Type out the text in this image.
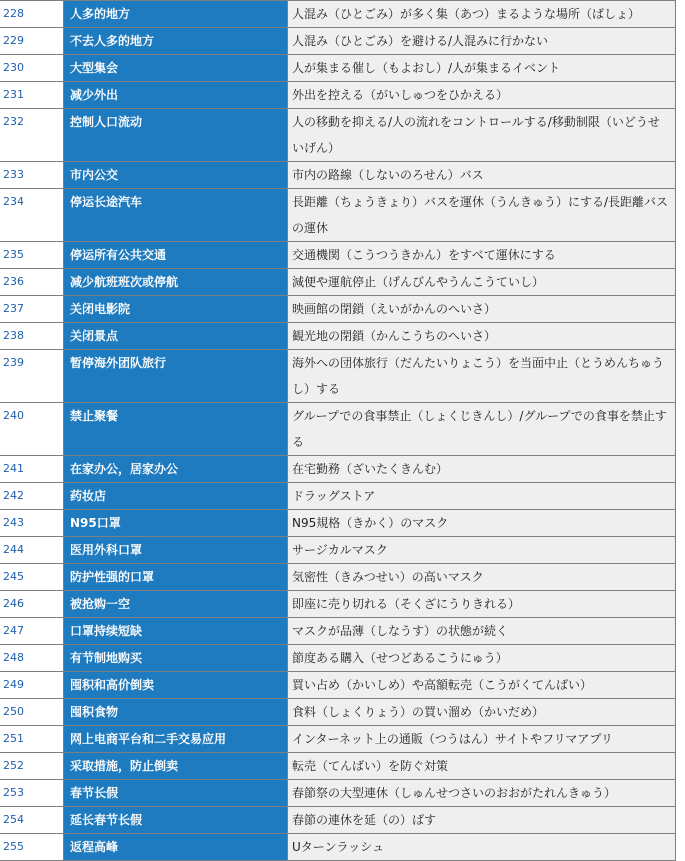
228	人多的地方	人混み（ひとごみ）が多く集（あつ）まるような場所（ばしょ）
229	不去人多的地方	人混み（ひとごみ）を避ける/人混みに行かない
230	大型集会	人が集まる催し（もよおし）/人が集まるイベント
231	减少外出	外出を控える（がいしゅつをひかえる）
232	控制人口流动	人の移動を抑える/人の流れをコントロールする/移動制限（いどうせいげん）
233	市内公交	市内の路線（しないのろせん）バス
234	停运长途汽车	長距離（ちょうきょり）バスを運休（うんきゅう）にする/長距離バスの運休
235	停运所有公共交通	交通機関（こうつうきかん）をすべて運休にする
236	减少航班班次或停航	減便や運航停止（げんびんやうんこうていし）
237	关闭电影院	映画館の閉鎖（えいがかんのへいさ）
238	关闭景点	観光地の閉鎖（かんこうちのへいさ）
239	暂停海外团队旅行	海外への団体旅行（だんたいりょこう）を当面中止（とうめんちゅうし）する
240	禁止聚餐	グループでの食事禁止（しょくじきんし）/グループでの食事を禁止する
241	在家办公，居家办公	在宅勤務（ざいたくきんむ）
242	药妆店	ドラッグストア
243	N95口罩	N95規格（きかく）のマスク
244	医用外科口罩	サージカルマスク
245	防护性强的口罩	気密性（きみつせい）の高いマスク
246	被抢购一空	即座に売り切れる（そくざにうりきれる）
247	口罩持续短缺	マスクが品薄（しなうす）の状態が続く
248	有节制地购买	節度ある購入（せつどあるこうにゅう）
249	囤积和高价倒卖	買い占め（かいしめ）や高額転売（こうがくてんばい）
250	囤积食物	食料（しょくりょう）の買い溜め（かいだめ）
251	网上电商平台和二手交易应用	インターネット上の通販（つうはん）サイトやフリマアプリ
252	采取措施，防止倒卖	転売（てんばい）を防ぐ対策
253	春节长假	春節祭の大型連休（しゅんせつさいのおおがたれんきゅう）
254	延长春节长假	春節の連休を延（の）ばす
255	返程高峰	Uターンラッシュ
